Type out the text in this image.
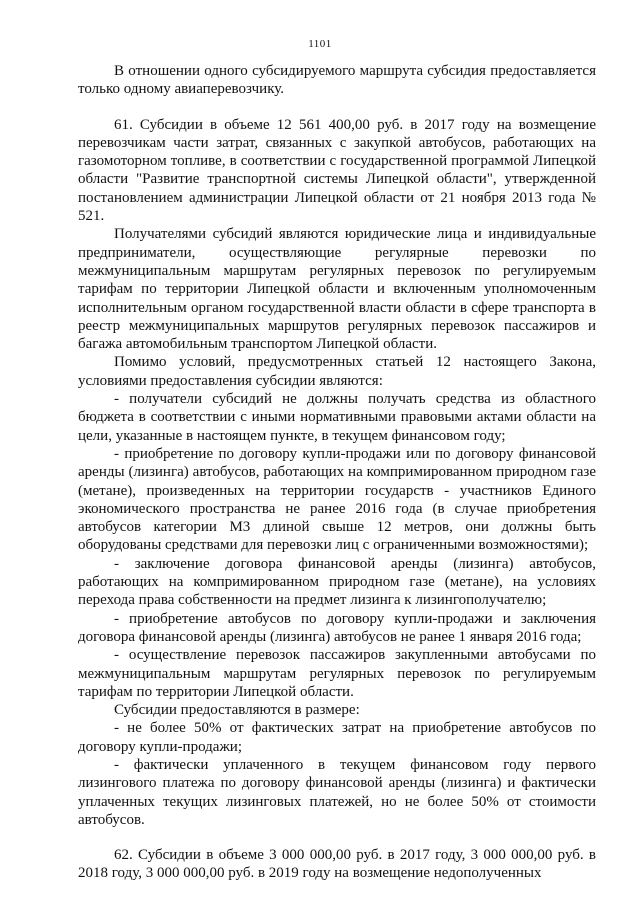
1101

В отношении одного субсидируемого маршрута субсидия предоставляется только одному авиаперевозчику.

61. Субсидии в объеме 12 561 400,00 руб. в 2017 году на возмещение перевозчикам части затрат, связанных с закупкой автобусов, работающих на газомоторном топливе, в соответствии с государственной программой Липецкой области "Развитие транспортной системы Липецкой области", утвержденной постановлением администрации Липецкой области от 21 ноября 2013 года № 521.

Получателями субсидий являются юридические лица и индивидуальные предприниматели, осуществляющие регулярные перевозки по межмуниципальным маршрутам регулярных перевозок по регулируемым тарифам по территории Липецкой области и включенным уполномоченным исполнительным органом государственной власти области в сфере транспорта в реестр межмуниципальных маршрутов регулярных перевозок пассажиров и багажа автомобильным транспортом Липецкой области.

Помимо условий, предусмотренных статьей 12 настоящего Закона, условиями предоставления субсидии являются:

- получатели субсидий не должны получать средства из областного бюджета в соответствии с иными нормативными правовыми актами области на цели, указанные в настоящем пункте, в текущем финансовом году;

- приобретение по договору купли-продажи или по договору финансовой аренды (лизинга) автобусов, работающих на компримированном природном газе (метане), произведенных на территории государств - участников Единого экономического пространства не ранее 2016 года (в случае приобретения автобусов категории М3 длиной свыше 12 метров, они должны быть оборудованы средствами для перевозки лиц с ограниченными возможностями);

- заключение договора финансовой аренды (лизинга) автобусов, работающих на компримированном природном газе (метане), на условиях перехода права собственности на предмет лизинга к лизингополучателю;

- приобретение автобусов по договору купли-продажи и заключения договора финансовой аренды (лизинга) автобусов не ранее 1 января 2016 года;

- осуществление перевозок пассажиров закупленными автобусами по межмуниципальным маршрутам регулярных перевозок по регулируемым тарифам по территории Липецкой области.

Субсидии предоставляются в размере:

- не более 50% от фактических затрат на приобретение автобусов по договору купли-продажи;

- фактически уплаченного в текущем финансовом году первого лизингового платежа по договору финансовой аренды (лизинга) и фактически уплаченных текущих лизинговых платежей, но не более 50% от стоимости автобусов.

62. Субсидии в объеме 3 000 000,00 руб. в 2017 году, 3 000 000,00 руб. в 2018 году, 3 000 000,00 руб. в 2019 году на возмещение недополученных
